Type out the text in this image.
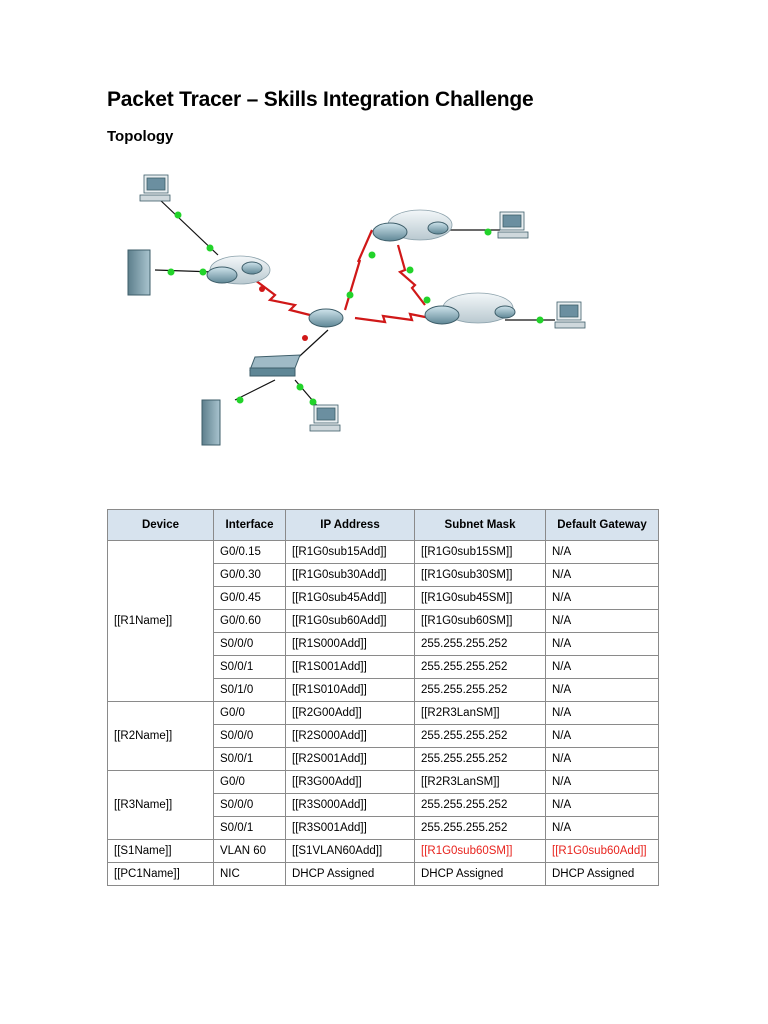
Packet Tracer – Skills Integration Challenge
Topology
Device	Interface	IP Address	Subnet Mask	Default Gateway
[[R1Name]]	G0/0.15	[[R1G0sub15Add]]	[[R1G0sub15SM]]	N/A
	G0/0.30	[[R1G0sub30Add]]	[[R1G0sub30SM]]	N/A
	G0/0.45	[[R1G0sub45Add]]	[[R1G0sub45SM]]	N/A
	G0/0.60	[[R1G0sub60Add]]	[[R1G0sub60SM]]	N/A
	S0/0/0	[[R1S000Add]]	255.255.255.252	N/A
	S0/0/1	[[R1S001Add]]	255.255.255.252	N/A
	S0/1/0	[[R1S010Add]]	255.255.255.252	N/A
[[R2Name]]	G0/0	[[R2G00Add]]	[[R2R3LanSM]]	N/A
	S0/0/0	[[R2S000Add]]	255.255.255.252	N/A
	S0/0/1	[[R2S001Add]]	255.255.255.252	N/A
[[R3Name]]	G0/0	[[R3G00Add]]	[[R2R3LanSM]]	N/A
	S0/0/0	[[R3S000Add]]	255.255.255.252	N/A
	S0/0/1	[[R3S001Add]]	255.255.255.252	N/A
[[S1Name]]	VLAN 60	[[S1VLAN60Add]]	[[R1G0sub60SM]]	[[R1G0sub60Add]]
[[PC1Name]]	NIC	DHCP Assigned	DHCP Assigned	DHCP Assigned
